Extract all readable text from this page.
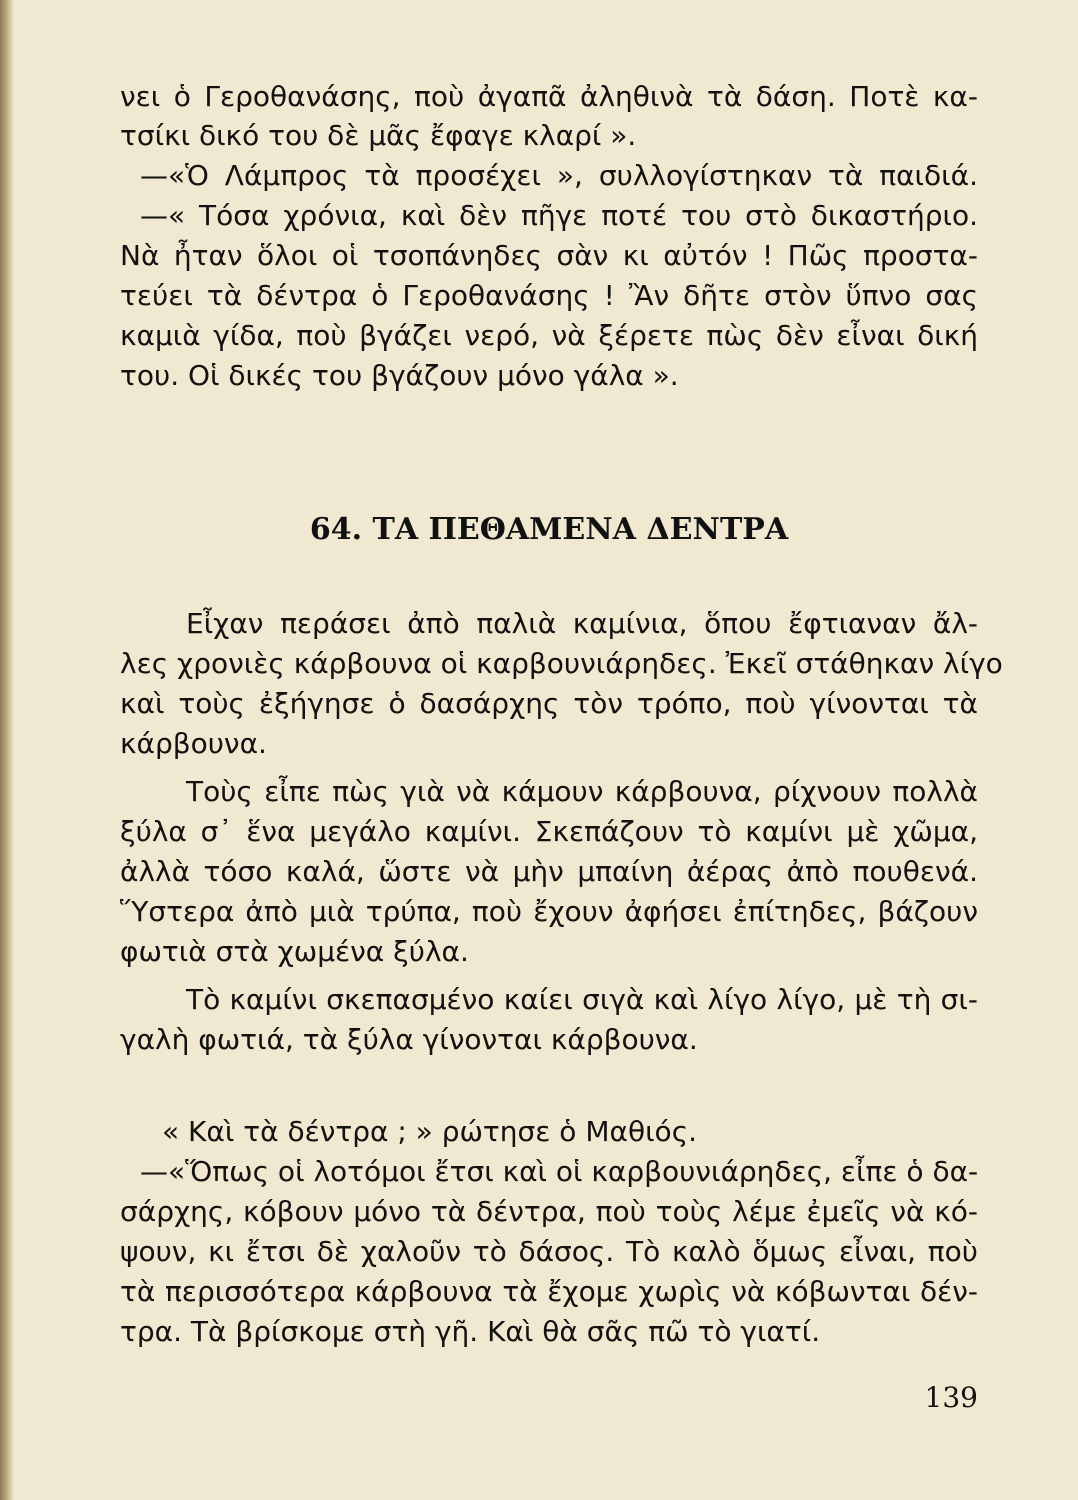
νει ὁ Γεροθανάσης, ποὺ ἀγαπᾶ ἀληθινὰ τὰ δάση. Ποτὲ κα-
τσίκι δικό του δὲ μᾶς ἔφαγε κλαρί ».
—«Ὁ Λάμπρος τὰ προσέχει », συλλογίστηκαν τὰ παιδιά.
—« Τόσα χρόνια, καὶ δὲν πῆγε ποτέ του στὸ δικαστήριο.
Νὰ ἦταν ὅλοι οἱ τσοπάνηδες σὰν κι αὐτόν ! Πῶς προστα-
τεύει τὰ δέντρα ὁ Γεροθανάσης ! Ἂν δῆτε στὸν ὕπνο σας
καμιὰ γίδα, ποὺ βγάζει νερό, νὰ ξέρετε πὼς δὲν εἶναι δική
του. Οἱ δικές του βγάζουν μόνο γάλα ».
64. ΤΑ ΠΕΘΑΜΕΝΑ ΔΕΝΤΡΑ
Εἶχαν περάσει ἀπὸ παλιὰ καμίνια, ὅπου ἔφτιαναν ἄλ-
λες χρονιὲς κάρβουνα οἱ καρβουνιάρηδες. Ἐκεῖ στάθηκαν λίγο
καὶ τοὺς ἐξήγησε ὁ δασάρχης τὸν τρόπο, ποὺ γίνονται τὰ
κάρβουνα.
Τοὺς εἶπε πὼς γιὰ νὰ κάμουν κάρβουνα, ρίχνουν πολλὰ
ξύλα σ᾽ ἕνα μεγάλο καμίνι. Σκεπάζουν τὸ καμίνι μὲ χῶμα,
ἀλλὰ τόσο καλά, ὥστε νὰ μὴν μπαίνη ἀέρας ἀπὸ πουθενά.
Ὕστερα ἀπὸ μιὰ τρύπα, ποὺ ἔχουν ἀφήσει ἐπίτηδες, βάζουν
φωτιὰ στὰ χωμένα ξύλα.
Τὸ καμίνι σκεπασμένο καίει σιγὰ καὶ λίγο λίγο, μὲ τὴ σι-
γαλὴ φωτιά, τὰ ξύλα γίνονται κάρβουνα.
« Καὶ τὰ δέντρα ; » ρώτησε ὁ Μαθιός.
—«Ὅπως οἱ λοτόμοι ἔτσι καὶ οἱ καρβουνιάρηδες, εἶπε ὁ δα-
σάρχης, κόβουν μόνο τὰ δέντρα, ποὺ τοὺς λέμε ἐμεῖς νὰ κό-
ψουν, κι ἔτσι δὲ χαλοῦν τὸ δάσος. Τὸ καλὸ ὅμως εἶναι, ποὺ
τὰ περισσότερα κάρβουνα τὰ ἔχομε χωρὶς νὰ κόβωνται δέν-
τρα. Τὰ βρίσκομε στὴ γῆ. Καὶ θὰ σᾶς πῶ τὸ γιατί.
139
